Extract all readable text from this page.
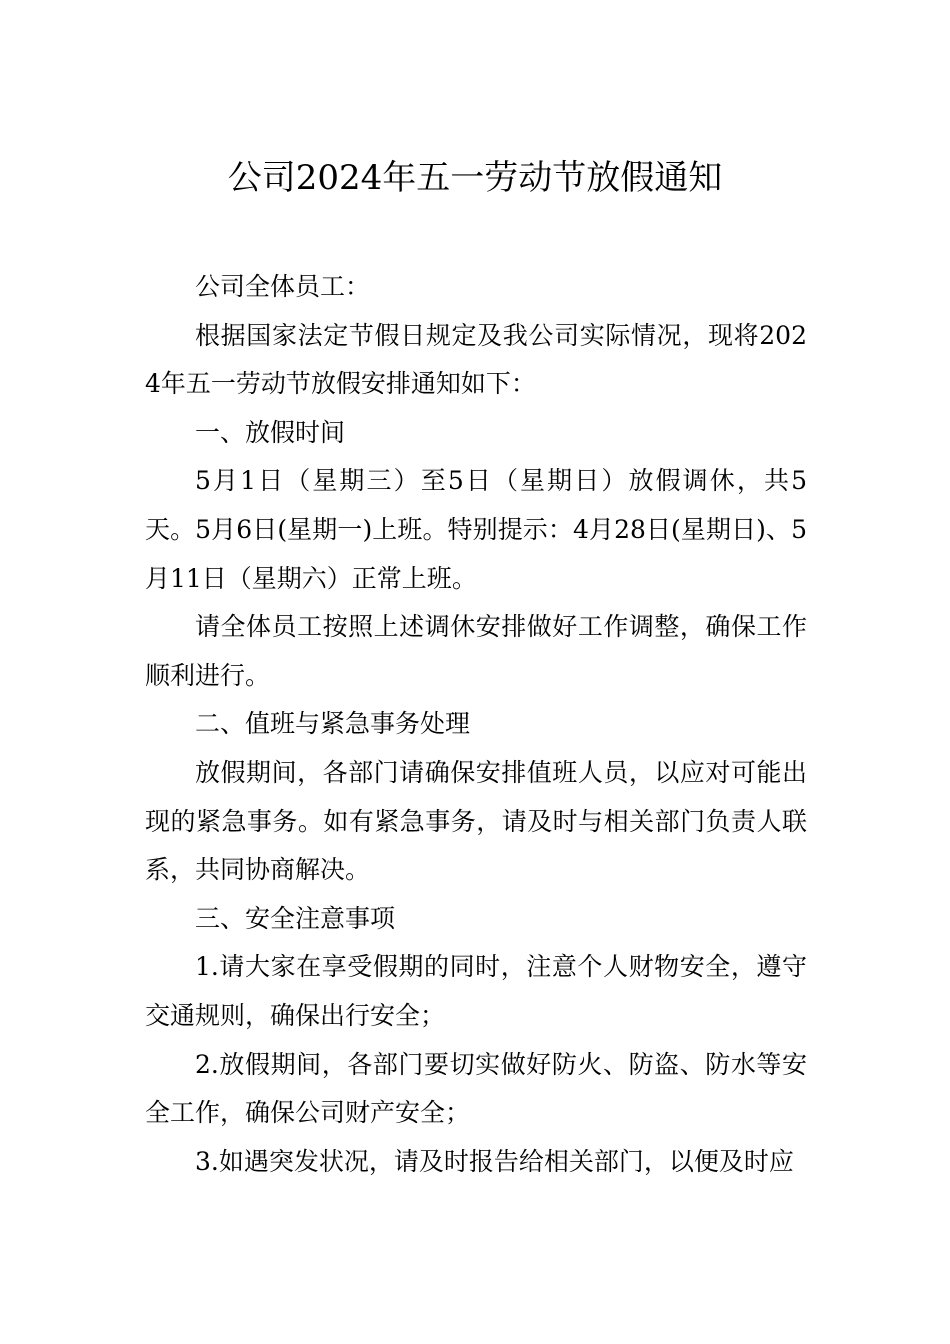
公司2024年五一劳动节放假通知

公司全体员工：

根据国家法定节假日规定及我公司实际情况，现将2024年五一劳动节放假安排通知如下：

一、放假时间

5月1日（星期三）至5日（星期日）放假调休，共5天。5月6日(星期一)上班。特别提示：4月28日(星期日)、5月11日（星期六）正常上班。

请全体员工按照上述调休安排做好工作调整，确保工作顺利进行。

二、值班与紧急事务处理

放假期间，各部门请确保安排值班人员，以应对可能出现的紧急事务。如有紧急事务，请及时与相关部门负责人联系，共同协商解决。

三、安全注意事项

1.请大家在享受假期的同时，注意个人财物安全，遵守交通规则，确保出行安全；

2.放假期间，各部门要切实做好防火、防盗、防水等安全工作，确保公司财产安全；

3.如遇突发状况，请及时报告给相关部门，以便及时应
